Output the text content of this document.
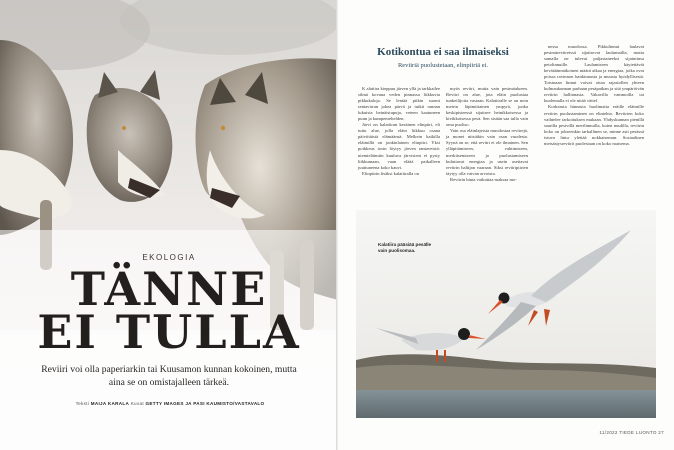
EKOLOGIA
TÄNNE
EI TULLA
Reviiri voi olla paperiarkin tai Kuusamon kunnan kokoinen, mutta aina se on omistajalleen tärkeä.
Teksti MAIJA KARALA Kuvat GETTY IMAGES JA PASI KAUMISTO/VASTAVALO
Kotikontua ei saa ilmaiseksi
Reviiriä puolustetaan, elinpiiriä ei.

K alatiira kieppuu järven yllä ja tarkkailee silmä kovana veden pinnassa liikkuvia pikkukaloja. Se lentää pitkin suomi rantavirran jokea pärvä ja tutkii rannan lukuisia heinäistupuja, veteen kaatuneen puun ja kumpenrehelden.

Järvi on kalatiiran kesäinen elinpiiri, eli tuttu alue, jolla eläin liikkuu osana päivittäistä elämäänsä. Melkein kaikilla eläimillä on jonkinlainen elinpiiri. Yksi poikkeus tosin löytyy järven rantaveistä: niemieläimiin kuuluva järvisieni ei pysty liikkumaan, vaan eläää paikalleen juuttuneena koko kauvi.

Elinpiirin lisäksi kalatiiralla on

myös reviiri, mutta vain pesimäalueen. Reviiri on alue, jota eläin puolustaa tunkeilijoita vastaan. Kalatiiralle se on noin metrin läpimittainen ympyrä, jonka keskipisteessä sijaitsee heinikkoisessa ja kivikkoisessa pesä. Sen sisään saa tulla vain oma puoliso.

Vain osa eläinlajeista muodostaa reviirejä, ja monet niistäkin vain osan vuodesta. Syynä on se, että reviiri ei ole ilmainen. Sen ylläpitämiseen, vahtimiseen, merkitsemiseen ja puolustamiseen kuluttavat energiaa ja usein asettavat reviirin haltijan vaaraan. Siksi reviiripiirien täytyy olla vaivan arvoista.

Reviirin hinta vaikuttaa maksaa mo-

nessa muodossa. Pikkulinnut laulavat pesimäreviireissä sijaitsevat laulumailla, mutta samalla ne tulevat paljastaneeksi sijaintinsa petolinnuille. Laulamiseen käytettävät kevätäänmäkoinen määrä aikaa ja energiaa, jotka ovat poissa ravinnon hankinnasta ja muusta hyödyllisestä. Toisinaan linnut voivat ottaa rajastollen yhteen kulmaukunnan parhaan pesäpaikan ja sitä ympäröivän reviirin hallinnasta. Vakavilla vammoilla tai kuolemalla ei ole nitää väitel.

Korkeasta hinnasta huolimatta eräille eläimille reviirin puolustaminen on elintehto. Reviirien koko vaihtelee tarkoituksen mukaan. Yhdyskunnan pienillä saarilla pesivillä merilinnuilla, kuten nuulilla, reviirin koko on jokseenkin tarkallinen se, minne asti pesässä istuva lintu ylettää nokkaiseman. Sosiaalinen metsästysreviirit puolestaan on koko maisema.

Kalatiira pääsiää pesälle vain puolisomaa.
11/2022 TIEDE LUONTO 27
